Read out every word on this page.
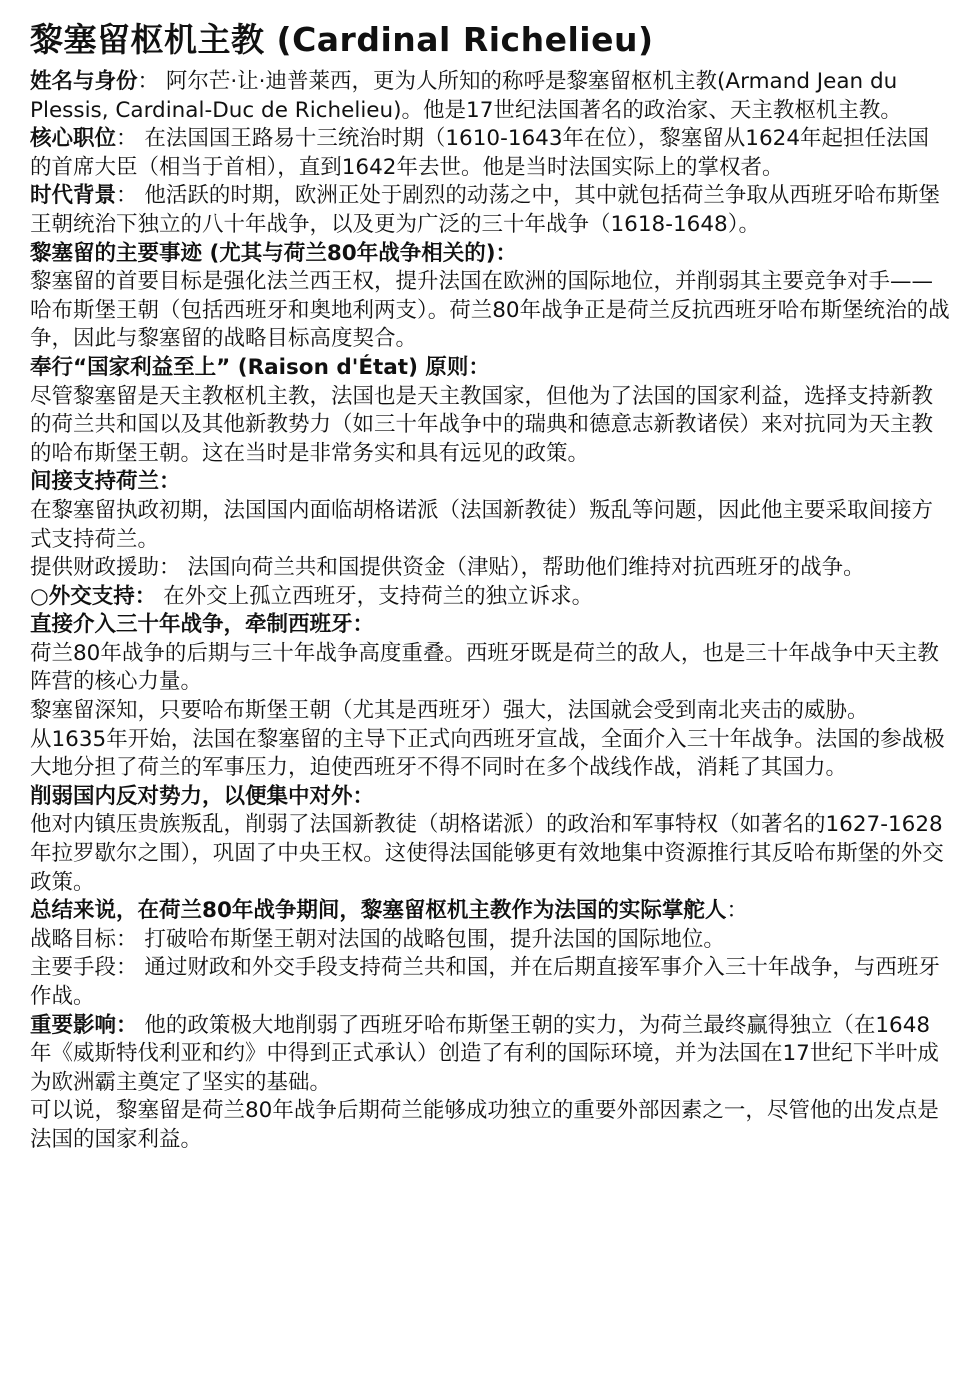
黎塞留枢机主教 (Cardinal Richelieu)

姓名与身份： 阿尔芒·让·迪普莱西，更为人所知的称呼是黎塞留枢机主教(Armand Jean du Plessis, Cardinal-Duc de Richelieu)。他是17世纪法国著名的政治家、天主教枢机主教。

核心职位： 在法国国王路易十三统治时期（1610-1643年在位），黎塞留从1624年起担任法国的首席大臣（相当于首相），直到1642年去世。他是当时法国实际上的掌权者。

时代背景： 他活跃的时期，欧洲正处于剧烈的动荡之中，其中就包括荷兰争取从西班牙哈布斯堡王朝统治下独立的八十年战争，以及更为广泛的三十年战争（1618-1648）。

黎塞留的主要事迹 (尤其与荷兰80年战争相关的)：

黎塞留的首要目标是强化法兰西王权，提升法国在欧洲的国际地位，并削弱其主要竞争对手——哈布斯堡王朝（包括西班牙和奥地利两支）。荷兰80年战争正是荷兰反抗西班牙哈布斯堡统治的战争，因此与黎塞留的战略目标高度契合。

奉行“国家利益至上” (Raison d'État) 原则：

尽管黎塞留是天主教枢机主教，法国也是天主教国家，但他为了法国的国家利益，选择支持新教的荷兰共和国以及其他新教势力（如三十年战争中的瑞典和德意志新教诸侯）来对抗同为天主教的哈布斯堡王朝。这在当时是非常务实和具有远见的政策。

间接支持荷兰：

在黎塞留执政初期，法国国内面临胡格诺派（法国新教徒）叛乱等问题，因此他主要采取间接方式支持荷兰。

提供财政援助： 法国向荷兰共和国提供资金（津贴），帮助他们维持对抗西班牙的战争。

○外交支持： 在外交上孤立西班牙，支持荷兰的独立诉求。

直接介入三十年战争，牵制西班牙：

荷兰80年战争的后期与三十年战争高度重叠。西班牙既是荷兰的敌人，也是三十年战争中天主教阵营的核心力量。

黎塞留深知，只要哈布斯堡王朝（尤其是西班牙）强大，法国就会受到南北夹击的威胁。

从1635年开始，法国在黎塞留的主导下正式向西班牙宣战，全面介入三十年战争。法国的参战极大地分担了荷兰的军事压力，迫使西班牙不得不同时在多个战线作战，消耗了其国力。

削弱国内反对势力，以便集中对外：

他对内镇压贵族叛乱，削弱了法国新教徒（胡格诺派）的政治和军事特权（如著名的1627-1628年拉罗歇尔之围），巩固了中央王权。这使得法国能够更有效地集中资源推行其反哈布斯堡的外交政策。

总结来说，在荷兰80年战争期间，黎塞留枢机主教作为法国的实际掌舵人：

战略目标： 打破哈布斯堡王朝对法国的战略包围，提升法国的国际地位。

主要手段： 通过财政和外交手段支持荷兰共和国，并在后期直接军事介入三十年战争，与西班牙作战。

重要影响： 他的政策极大地削弱了西班牙哈布斯堡王朝的实力，为荷兰最终赢得独立（在1648年《威斯特伐利亚和约》中得到正式承认）创造了有利的国际环境，并为法国在17世纪下半叶成为欧洲霸主奠定了坚实的基础。

可以说，黎塞留是荷兰80年战争后期荷兰能够成功独立的重要外部因素之一，尽管他的出发点是法国的国家利益。
